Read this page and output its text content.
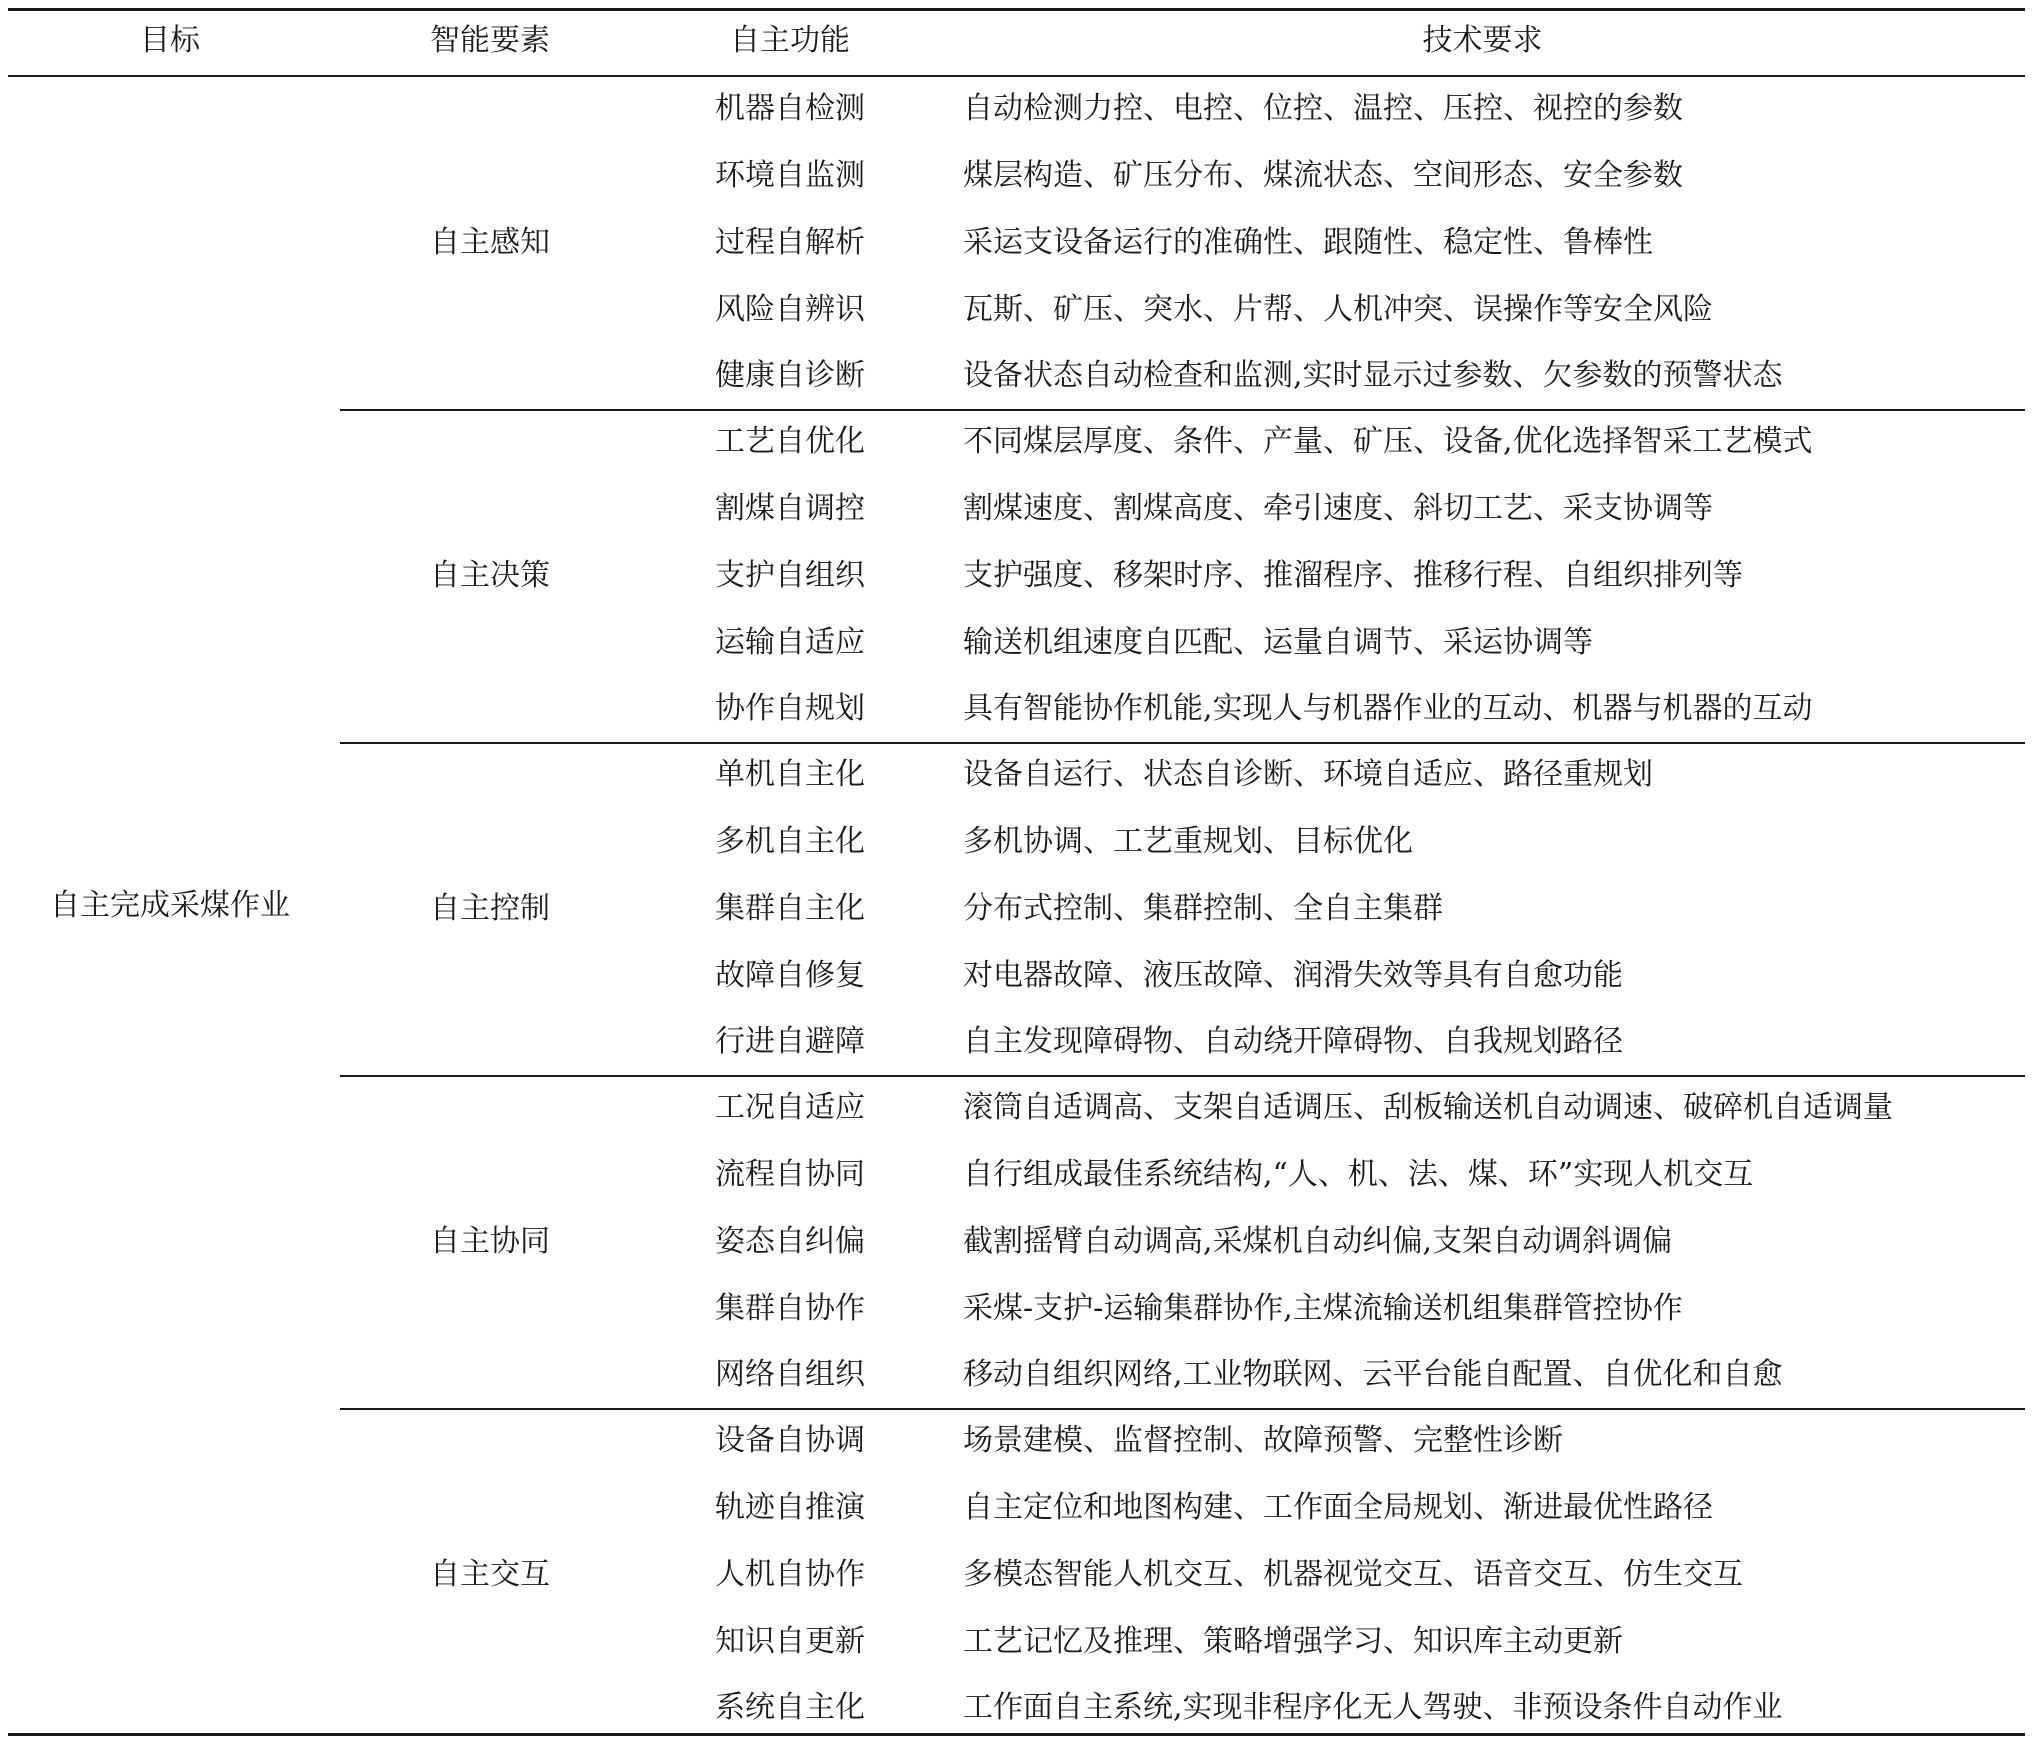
目标	智能要素	自主功能	技术要求
自主完成采煤作业
自主感知
机器自检测	自动检测力控、电控、位控、温控、压控、视控的参数
环境自监测	煤层构造、矿压分布、煤流状态、空间形态、安全参数
过程自解析	采运支设备运行的准确性、跟随性、稳定性、鲁棒性
风险自辨识	瓦斯、矿压、突水、片帮、人机冲突、误操作等安全风险
健康自诊断	设备状态自动检查和监测,实时显示过参数、欠参数的预警状态
自主决策
工艺自优化	不同煤层厚度、条件、产量、矿压、设备,优化选择智采工艺模式
割煤自调控	割煤速度、割煤高度、牵引速度、斜切工艺、采支协调等
支护自组织	支护强度、移架时序、推溜程序、推移行程、自组织排列等
运输自适应	输送机组速度自匹配、运量自调节、采运协调等
协作自规划	具有智能协作机能,实现人与机器作业的互动、机器与机器的互动
自主控制
单机自主化	设备自运行、状态自诊断、环境自适应、路径重规划
多机自主化	多机协调、工艺重规划、目标优化
集群自主化	分布式控制、集群控制、全自主集群
故障自修复	对电器故障、液压故障、润滑失效等具有自愈功能
行进自避障	自主发现障碍物、自动绕开障碍物、自我规划路径
自主协同
工况自适应	滚筒自适调高、支架自适调压、刮板输送机自动调速、破碎机自适调量
流程自协同	自行组成最佳系统结构,“人、机、法、煤、环”实现人机交互
姿态自纠偏	截割摇臂自动调高,采煤机自动纠偏,支架自动调斜调偏
集群自协作	采煤-支护-运输集群协作,主煤流输送机组集群管控协作
网络自组织	移动自组织网络,工业物联网、云平台能自配置、自优化和自愈
自主交互
设备自协调	场景建模、监督控制、故障预警、完整性诊断
轨迹自推演	自主定位和地图构建、工作面全局规划、渐进最优性路径
人机自协作	多模态智能人机交互、机器视觉交互、语音交互、仿生交互
知识自更新	工艺记忆及推理、策略增强学习、知识库主动更新
系统自主化	工作面自主系统,实现非程序化无人驾驶、非预设条件自动作业
